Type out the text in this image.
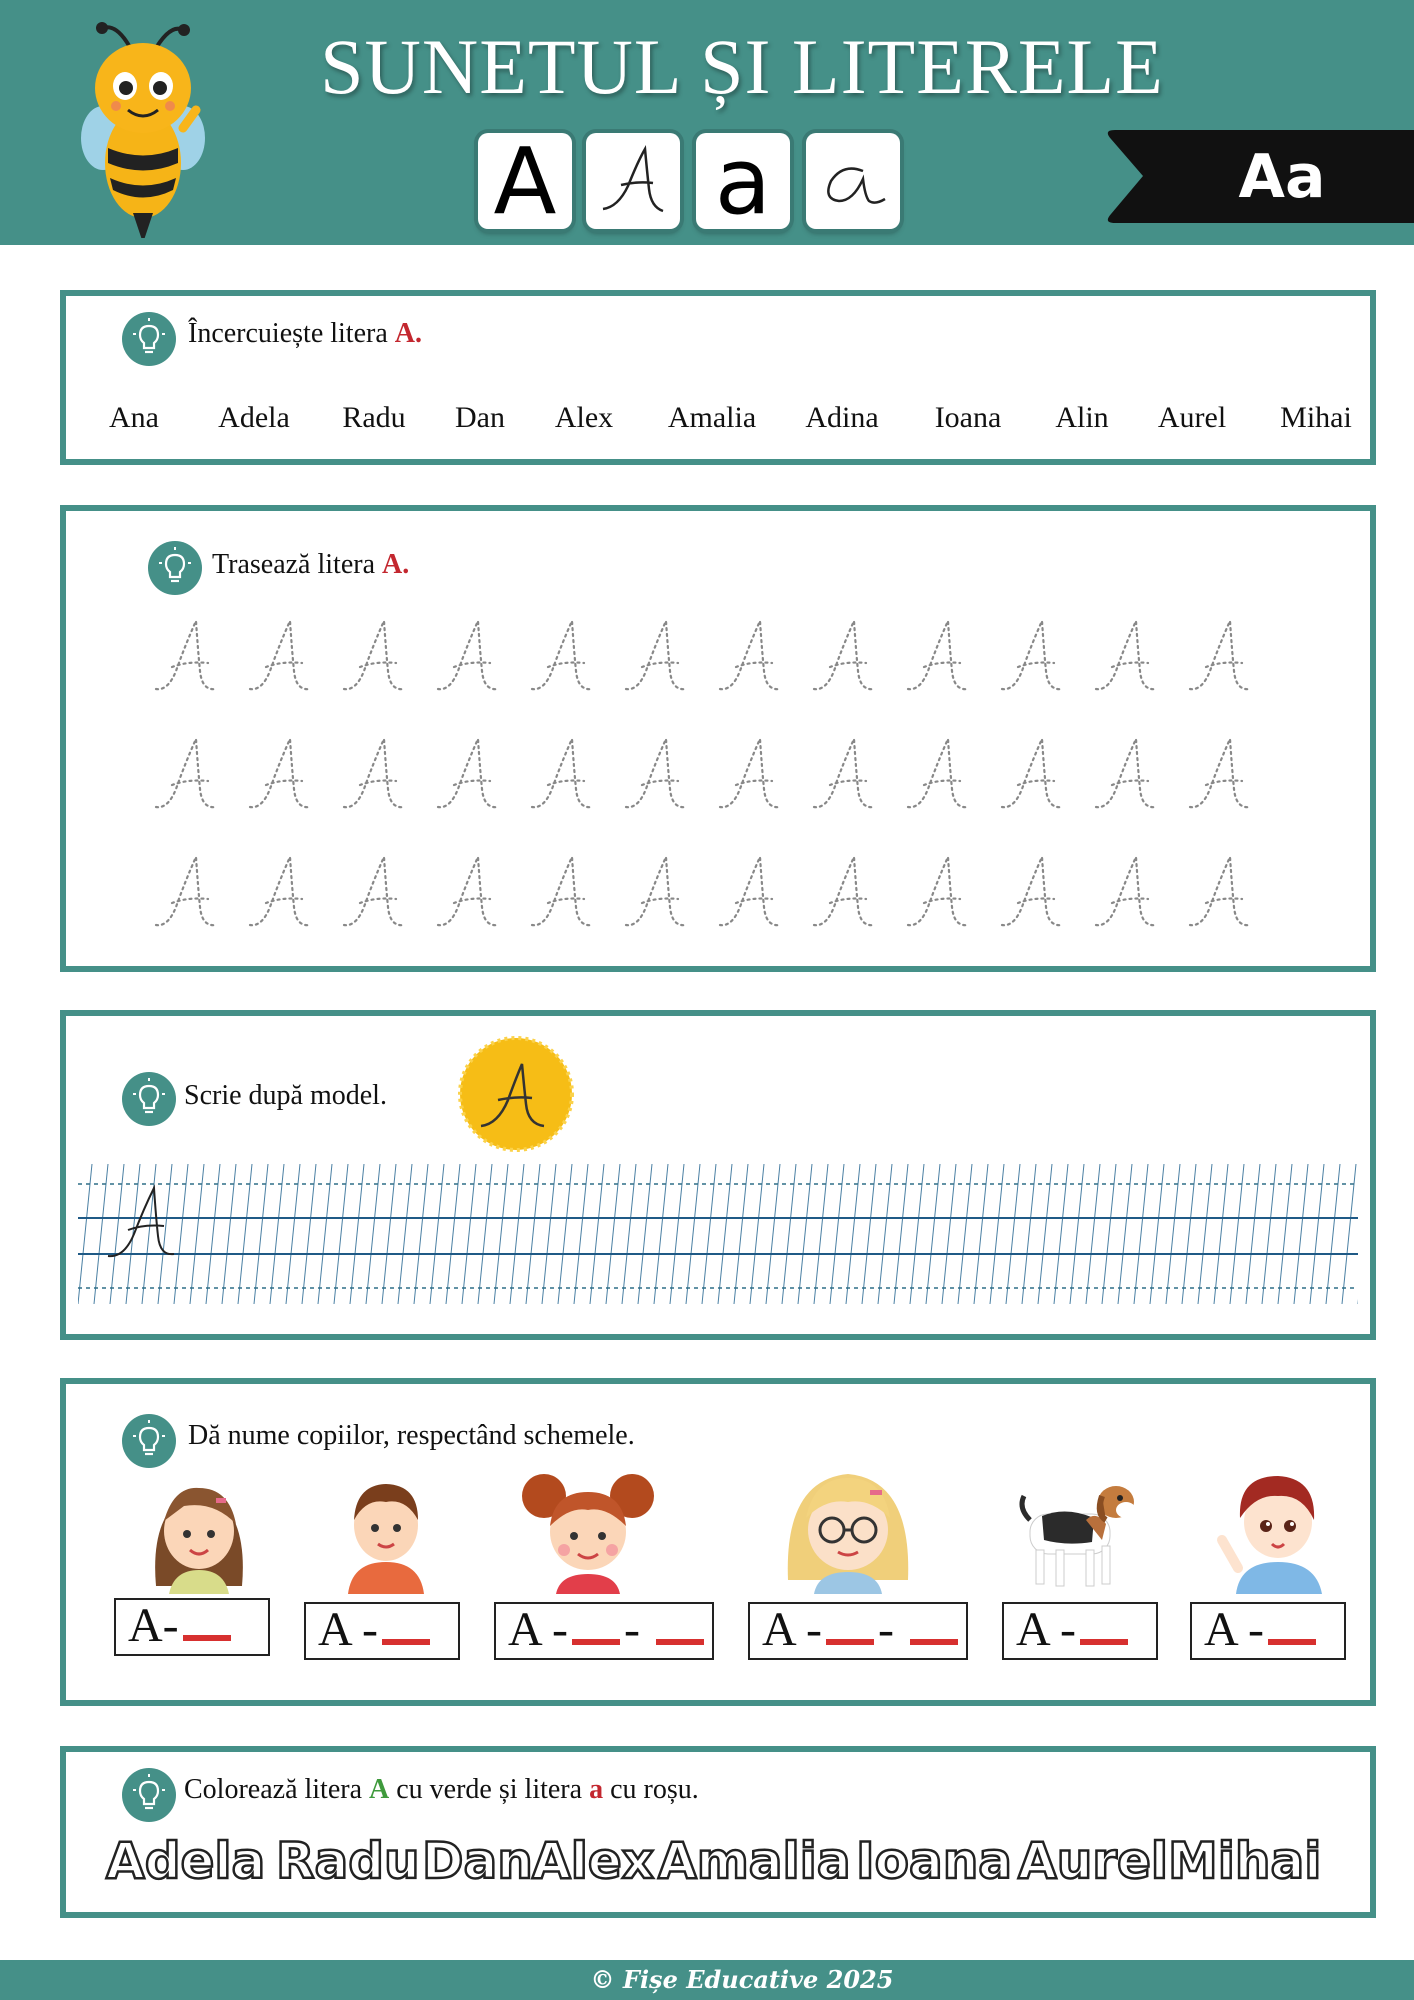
SUNETUL ȘI LITERELE
A a	Aa
Încercuiește litera A.
Ana Adela Radu Dan Alex Amalia Adina Ioana Alin Aurel Mihai
Trasează litera A.
Scrie după model.
Dă nume copiilor, respectând schemele.
A-	A -	A - -	A - -	A -	A -
Colorează litera A cu verde și litera a cu roșu.
Adela Radu Dan Alex Amalia Ioana Aurel Mihai
© Fișe Educative 2025
